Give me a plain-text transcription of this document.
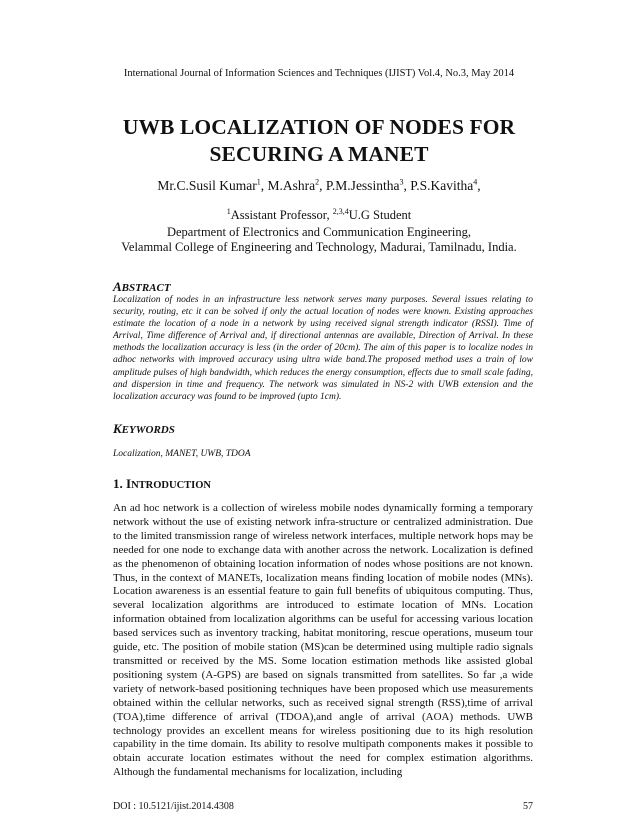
International Journal of Information Sciences and Techniques (IJIST) Vol.4, No.3, May 2014
UWB LOCALIZATION OF NODES FOR
SECURING A MANET
Mr.C.Susil Kumar$^1$, M.Ashra$^2$, P.M.Jessintha$^3$, P.S.Kavitha$^4$,
$^1$Assistant Professor, $^{2,3,4}$U.G Student
Department of Electronics and Communication Engineering,
Velammal College of Engineering and Technology, Madurai, Tamilnadu, India.
ABSTRACT
Localization of nodes in an infrastructure less network serves many purposes. Several issues relating to security, routing, etc it can be solved if only the actual location of nodes were known. Existing approaches estimate the location of a node in a network by using received signal strength indicator (RSSI). Time of Arrival, Time difference of Arrival and, if directional antennas are available, Direction of Arrival. In these methods the localization accuracy is less (in the order of 20cm). The aim of this paper is to localize nodes in adhoc networks with improved accuracy using ultra wide band.The proposed method uses a train of low amplitude pulses of high bandwidth, which reduces the energy consumption, effects due to small scale fading, and dispersion in time and frequency. The network was simulated in NS-2 with UWB extension and the localization accuracy was found to be improved (upto 1cm).
KEYWORDS
Localization, MANET, UWB, TDOA
1. INTRODUCTION
An ad hoc network is a collection of wireless mobile nodes dynamically forming a temporary network without the use of existing network infra-structure or centralized administration. Due to the limited transmission range of wireless network interfaces, multiple network hops may be needed for one node to exchange data with another across the network. Localization is defined as the phenomenon of obtaining location information of nodes whose positions are not known. Thus, in the context of MANETs, localization means finding location of mobile nodes (MNs). Location awareness is an essential feature to gain full benefits of ubiquitous computing. Thus, several localization algorithms are introduced to estimate location of MNs. Location information obtained from localization algorithms can be useful for accessing various location based services such as inventory tracking, habitat monitoring, rescue operations, museum tour guide, etc. The position of mobile station (MS)can be determined using multiple radio signals transmitted or received by the MS. Some location estimation methods like assisted global positioning system (A-GPS) are based on signals transmitted from satellites. So far ,a wide variety of network-based positioning techniques have been proposed which use measurements obtained within the cellular networks, such as received signal strength (RSS),time of arrival (TOA),time difference of arrival (TDOA),and angle of arrival (AOA) methods. UWB technology provides an excellent means for wireless positioning due to its high resolution capability in the time domain. Its ability to resolve multipath components makes it possible to obtain accurate location estimates without the need for complex estimation algorithms. Although the fundamental mechanisms for localization, including
DOI : 10.5121/ijist.2014.4308	57
